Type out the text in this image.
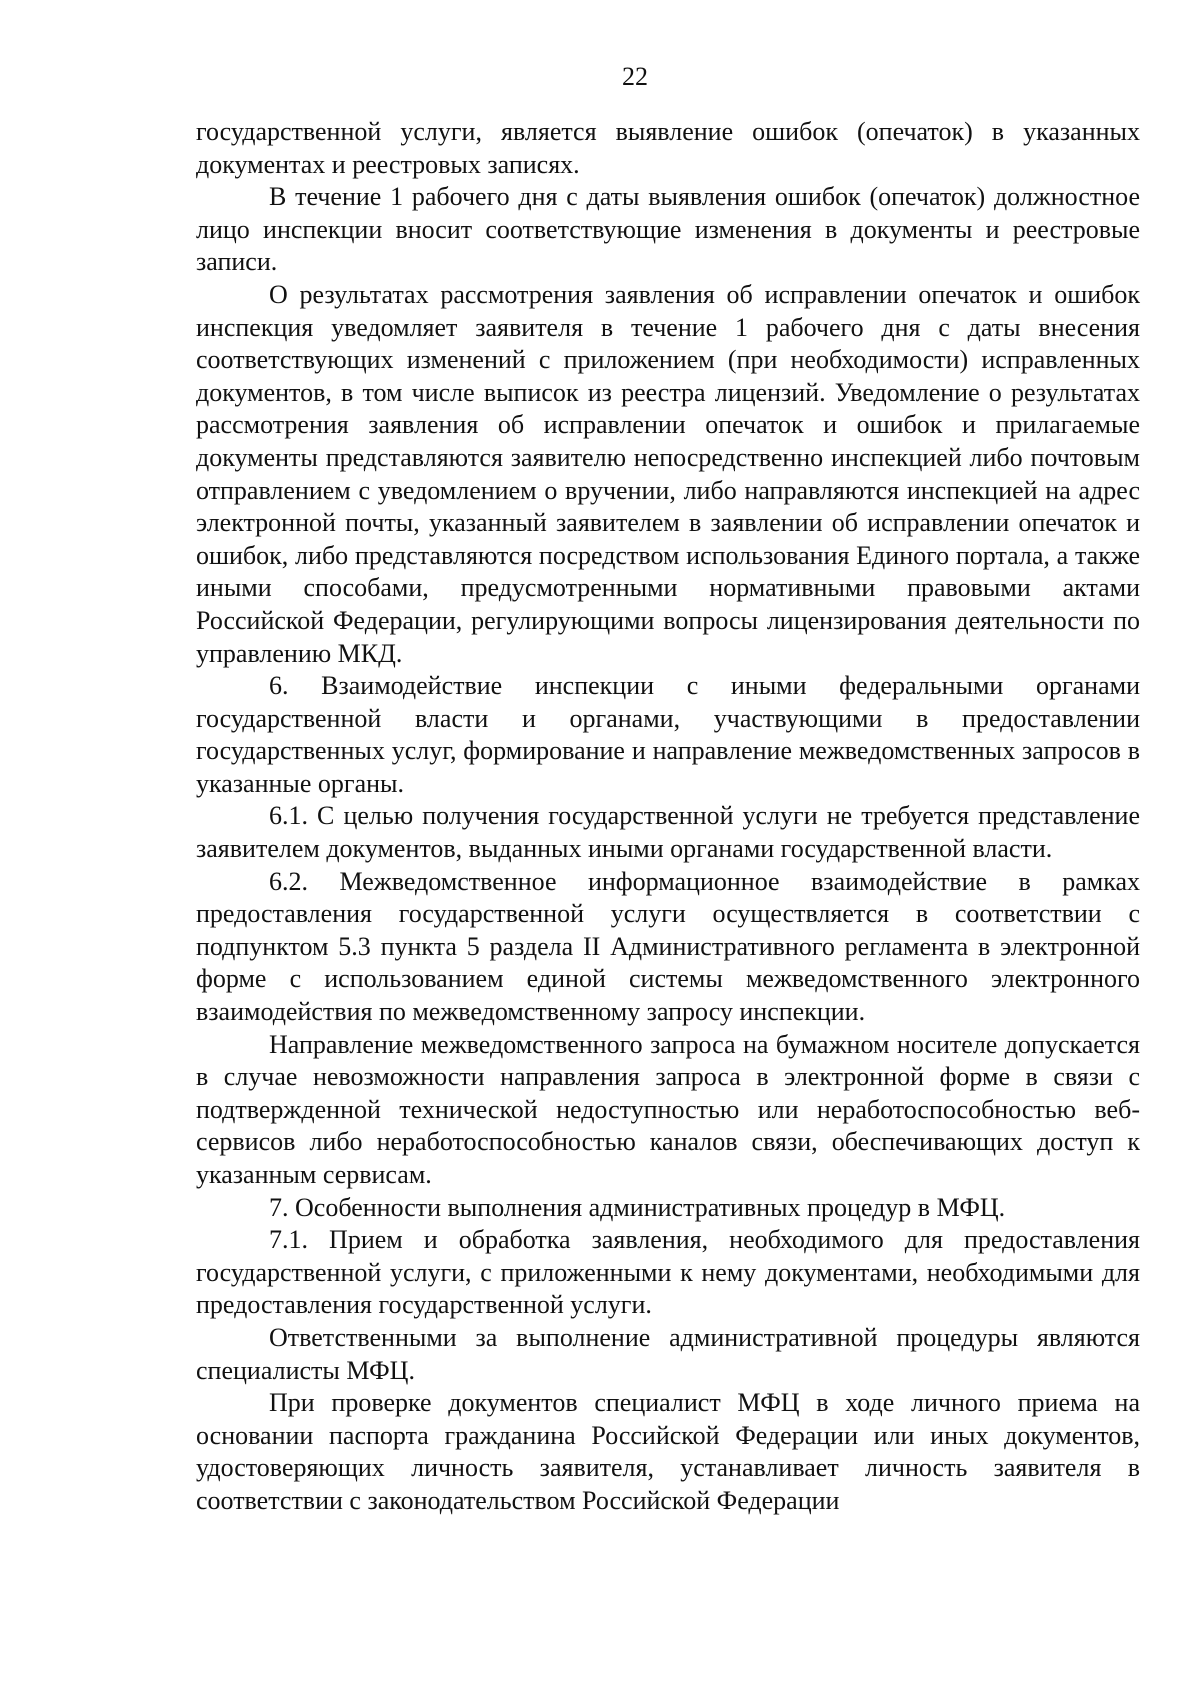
22

государственной услуги, является выявление ошибок (опечаток) в указанных документах и реестровых записях.

В течение 1 рабочего дня с даты выявления ошибок (опечаток) должностное лицо инспекции вносит соответствующие изменения в документы и реестровые записи.

О результатах рассмотрения заявления об исправлении опечаток и ошибок инспекция уведомляет заявителя в течение 1 рабочего дня с даты внесения соответствующих изменений с приложением (при необходимости) исправленных документов, в том числе выписок из реестра лицензий. Уведомление о результатах рассмотрения заявления об исправлении опечаток и ошибок и прилагаемые документы представляются заявителю непосредственно инспекцией либо почтовым отправлением с уведомлением о вручении, либо направляются инспекцией на адрес электронной почты, указанный заявителем в заявлении об исправлении опечаток и ошибок, либо представляются посредством использования Единого портала, а также иными способами, предусмотренными нормативными правовыми актами Российской Федерации, регулирующими вопросы лицензирования деятельности по управлению МКД.

6. Взаимодействие инспекции с иными федеральными органами государственной власти и органами, участвующими в предоставлении государственных услуг, формирование и направление межведомственных запросов в указанные органы.

6.1. С целью получения государственной услуги не требуется представление заявителем документов, выданных иными органами государственной власти.

6.2. Межведомственное информационное взаимодействие в рамках предоставления государственной услуги осуществляется в соответствии с подпунктом 5.3 пункта 5 раздела II Административного регламента в электронной форме с использованием единой системы межведомственного электронного взаимодействия по межведомственному запросу инспекции.

Направление межведомственного запроса на бумажном носителе допускается в случае невозможности направления запроса в электронной форме в связи с подтвержденной технической недоступностью или неработоспособностью веб-сервисов либо неработоспособностью каналов связи, обеспечивающих доступ к указанным сервисам.

7. Особенности выполнения административных процедур в МФЦ.

7.1. Прием и обработка заявления, необходимого для предоставления государственной услуги, с приложенными к нему документами, необходимыми для предоставления государственной услуги.

Ответственными за выполнение административной процедуры являются специалисты МФЦ.

При проверке документов специалист МФЦ в ходе личного приема на основании паспорта гражданина Российской Федерации или иных документов, удостоверяющих личность заявителя, устанавливает личность заявителя в соответствии с законодательством Российской Федерации
